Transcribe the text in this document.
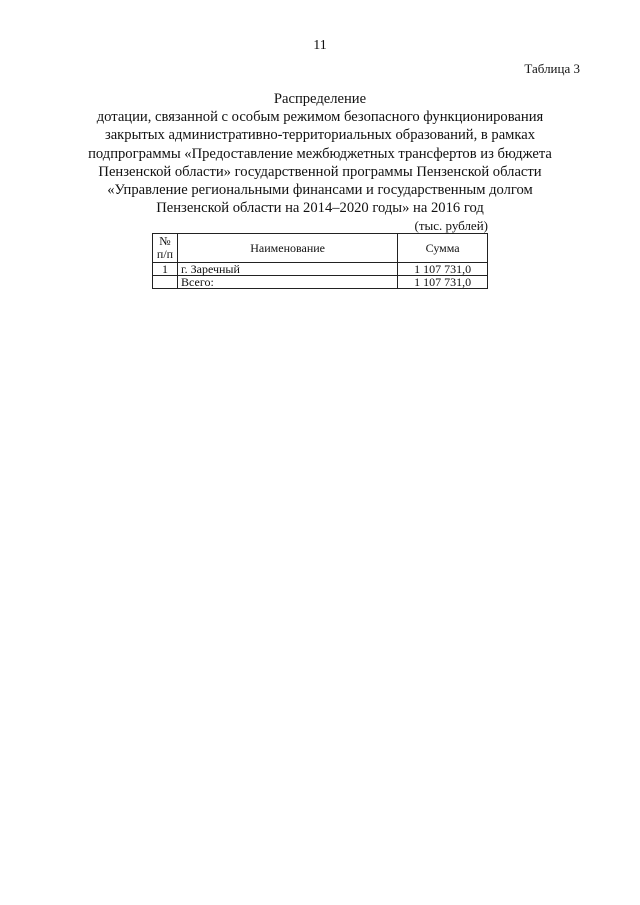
11
Таблица 3
Распределение
дотации, связанной с особым режимом безопасного функционирования
закрытых административно-территориальных образований, в рамках
подпрограммы «Предоставление межбюджетных трансфертов из бюджета
Пензенской области» государственной программы Пензенской области
«Управление региональными финансами и государственным долгом
Пензенской области на 2014–2020 годы» на 2016 год
(тыс. рублей)
№
п/п	Наименование	Сумма
1	г. Заречный	1 107 731,0
	Всего:	1 107 731,0
